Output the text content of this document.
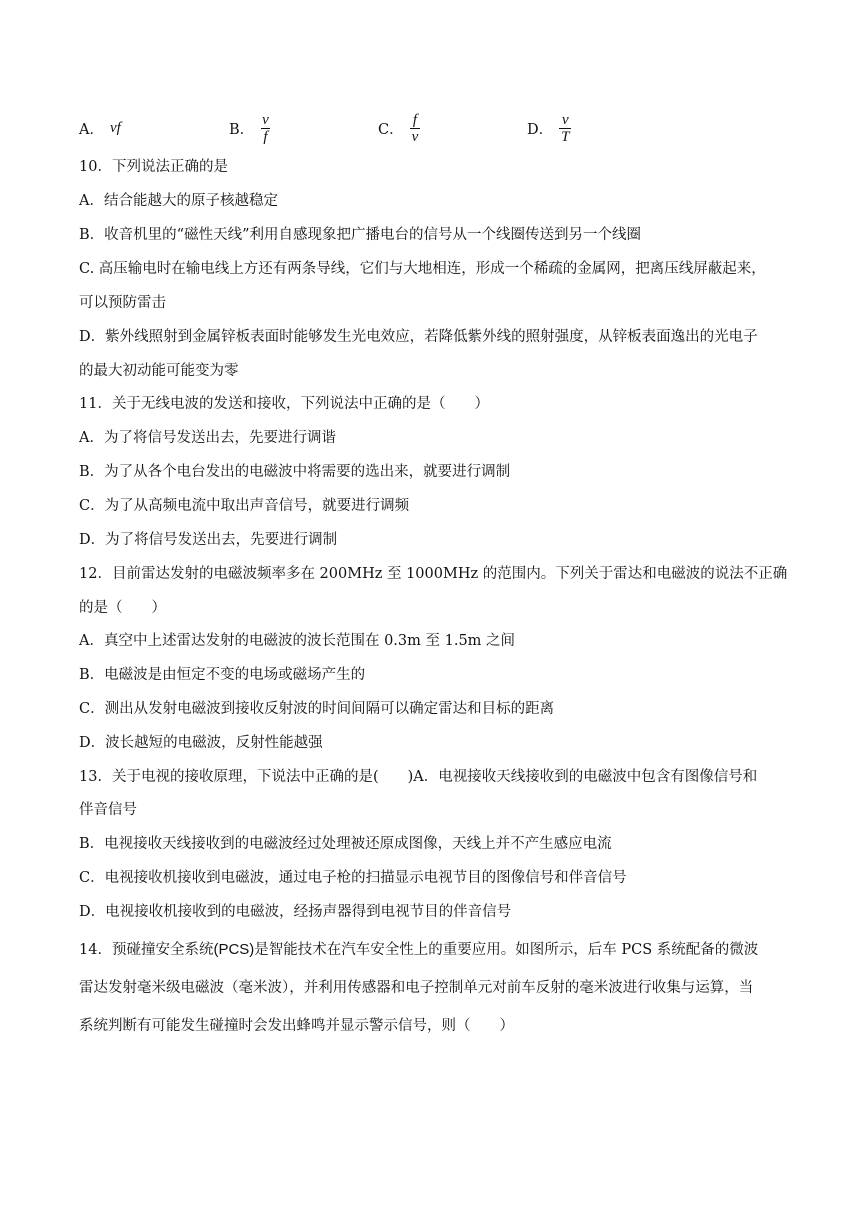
A． vf	B． $\frac{v}{f}$	C． $\frac{f}{v}$	D． $\frac{v}{T}$
10．下列说法正确的是
A．结合能越大的原子核越稳定
B．收音机里的“磁性天线”利用自感现象把广播电台的信号从一个线圈传送到另一个线圈
C. 高压输电时在输电线上方还有两条导线，它们与大地相连，形成一个稀疏的金属网，把离压线屏蔽起来，
可以预防雷击
D．紫外线照射到金属锌板表面时能够发生光电效应，若降低紫外线的照射强度，从锌板表面逸出的光电子
的最大初动能可能变为零
11．关于无线电波的发送和接收，下列说法中正确的是（　　）
A．为了将信号发送出去，先要进行调谐
B．为了从各个电台发出的电磁波中将需要的选出来，就要进行调制
C．为了从高频电流中取出声音信号，就要进行调频
D．为了将信号发送出去，先要进行调制
12．目前雷达发射的电磁波频率多在 200MHz 至 1000MHz 的范围内。下列关于雷达和电磁波的说法不正确
的是（　　）
A．真空中上述雷达发射的电磁波的波长范围在 0.3m 至 1.5m 之间
B．电磁波是由恒定不变的电场或磁场产生的
C．测出从发射电磁波到接收反射波的时间间隔可以确定雷达和目标的距离
D．波长越短的电磁波，反射性能越强
13．关于电视的接收原理，下说法中正确的是(　　)A．电视接收天线接收到的电磁波中包含有图像信号和
伴音信号
B．电视接收天线接收到的电磁波经过处理被还原成图像，天线上并不产生感应电流
C．电视接收机接收到电磁波，通过电子枪的扫描显示电视节目的图像信号和伴音信号
D．电视接收机接收到的电磁波，经扬声器得到电视节目的伴音信号
14．预碰撞安全系统(PCS)是智能技术在汽车安全性上的重要应用。如图所示，后车 PCS 系统配备的微波
雷达发射毫米级电磁波（毫米波），并利用传感器和电子控制单元对前车反射的毫米波进行收集与运算，当
系统判断有可能发生碰撞时会发出蜂鸣并显示警示信号，则（　　）
